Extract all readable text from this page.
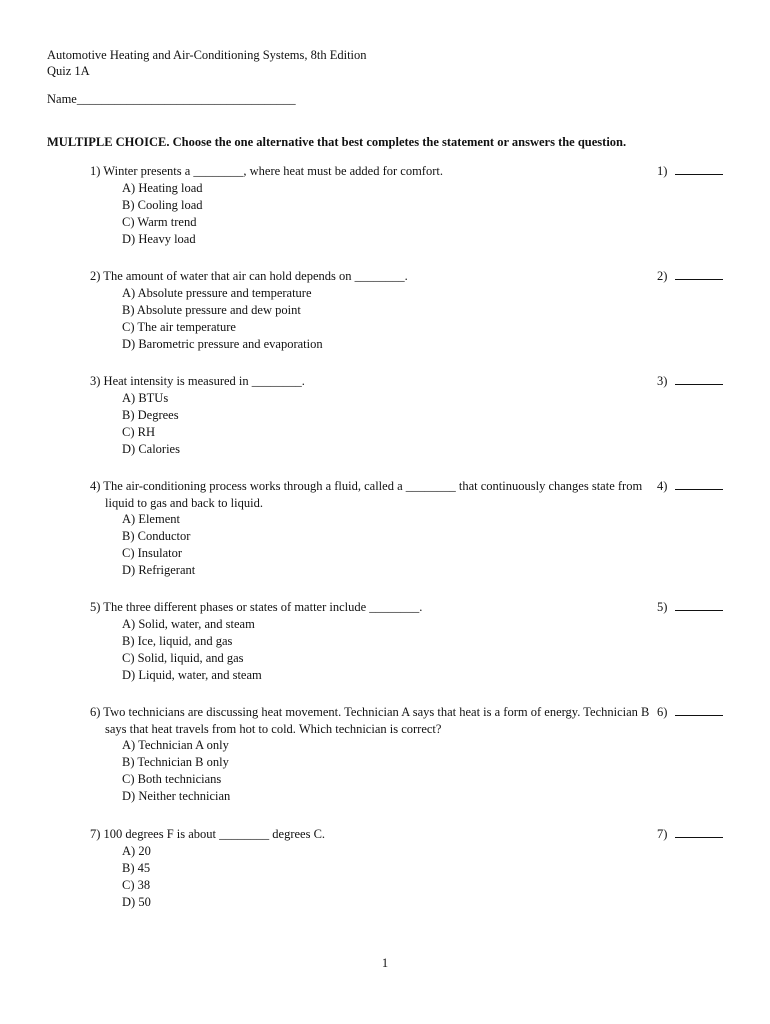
Automotive Heating and Air-Conditioning Systems, 8th Edition
Quiz 1A
Name___________________________________
MULTIPLE CHOICE. Choose the one alternative that best completes the statement or answers the question.
1) Winter presents a ________, where heat must be added for comfort.
A) Heating load
B) Cooling load
C) Warm trend
D) Heavy load
1)
2) The amount of water that air can hold depends on ________.
A) Absolute pressure and temperature
B) Absolute pressure and dew point
C) The air temperature
D) Barometric pressure and evaporation
2)
3) Heat intensity is measured in ________.
A) BTUs
B) Degrees
C) RH
D) Calories
3)
4) The air-conditioning process works through a fluid, called a ________ that continuously changes state from liquid to gas and back to liquid.
A) Element
B) Conductor
C) Insulator
D) Refrigerant
4)
5) The three different phases or states of matter include ________.
A) Solid, water, and steam
B) Ice, liquid, and gas
C) Solid, liquid, and gas
D) Liquid, water, and steam
5)
6) Two technicians are discussing heat movement. Technician A says that heat is a form of energy. Technician B says that heat travels from hot to cold. Which technician is correct?
A) Technician A only
B) Technician B only
C) Both technicians
D) Neither technician
6)
7) 100 degrees F is about ________ degrees C.
A) 20
B) 45
C) 38
D) 50
7)
1
